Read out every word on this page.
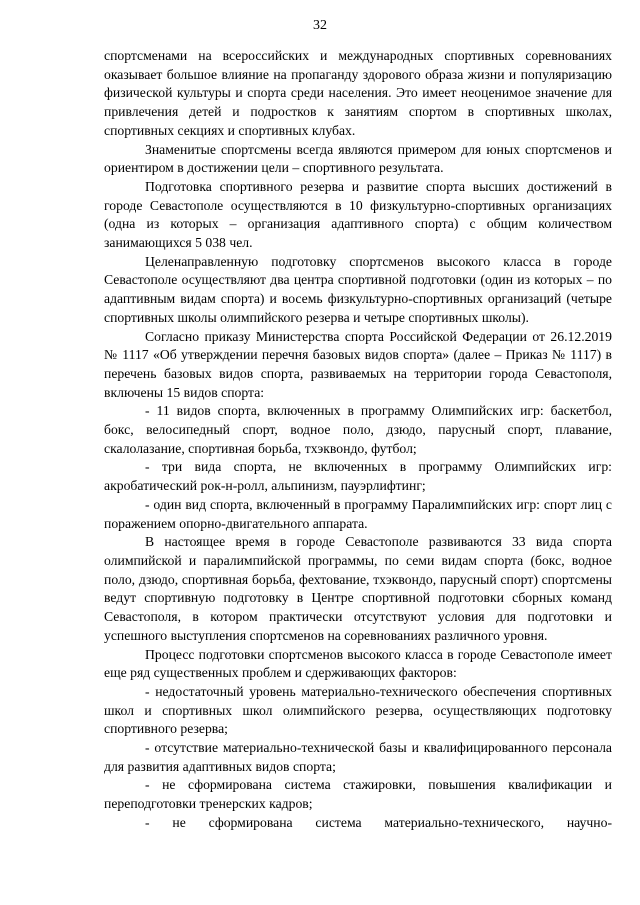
32

спортсменами на всероссийских и международных спортивных соревнованиях оказывает большое влияние на пропаганду здорового образа жизни и популяризацию физической культуры и спорта среди населения. Это имеет неоценимое значение для привлечения детей и подростков к занятиям спортом в спортивных школах, спортивных секциях и спортивных клубах.

Знаменитые спортсмены всегда являются примером для юных спортсменов и ориентиром в достижении цели – спортивного результата.

Подготовка спортивного резерва и развитие спорта высших достижений в городе Севастополе осуществляются в 10 физкультурно-спортивных организациях (одна из которых – организация адаптивного спорта) с общим количеством занимающихся 5 038 чел.

Целенаправленную подготовку спортсменов высокого класса в городе Севастополе осуществляют два центра спортивной подготовки (один из которых – по адаптивным видам спорта) и восемь физкультурно-спортивных организаций (четыре спортивных школы олимпийского резерва и четыре спортивных школы).

Согласно приказу Министерства спорта Российской Федерации от 26.12.2019 № 1117 «Об утверждении перечня базовых видов спорта» (далее – Приказ № 1117) в перечень базовых видов спорта, развиваемых на территории города Севастополя, включены 15 видов спорта:

- 11 видов спорта, включенных в программу Олимпийских игр: баскетбол, бокс, велосипедный спорт, водное поло, дзюдо, парусный спорт, плавание, скалолазание, спортивная борьба, тхэквондо, футбол;

- три вида спорта, не включенных в программу Олимпийских игр: акробатический рок-н-ролл, альпинизм, пауэрлифтинг;

- один вид спорта, включенный в программу Паралимпийских игр: спорт лиц с поражением опорно-двигательного аппарата.

В настоящее время в городе Севастополе развиваются 33 вида спорта олимпийской и паралимпийской программы, по семи видам спорта (бокс, водное поло, дзюдо, спортивная борьба, фехтование, тхэквондо, парусный спорт) спортсмены ведут спортивную подготовку в Центре спортивной подготовки сборных команд Севастополя, в котором практически отсутствуют условия для подготовки и успешного выступления спортсменов на соревнованиях различного уровня.

Процесс подготовки спортсменов высокого класса в городе Севастополе имеет еще ряд существенных проблем и сдерживающих факторов:

- недостаточный уровень материально-технического обеспечения спортивных школ и спортивных школ олимпийского резерва, осуществляющих подготовку спортивного резерва;

- отсутствие материально-технической базы и квалифицированного персонала для развития адаптивных видов спорта;

- не сформирована система стажировки, повышения квалификации и переподготовки тренерских кадров;

- не сформирована система материально-технического, научно-
